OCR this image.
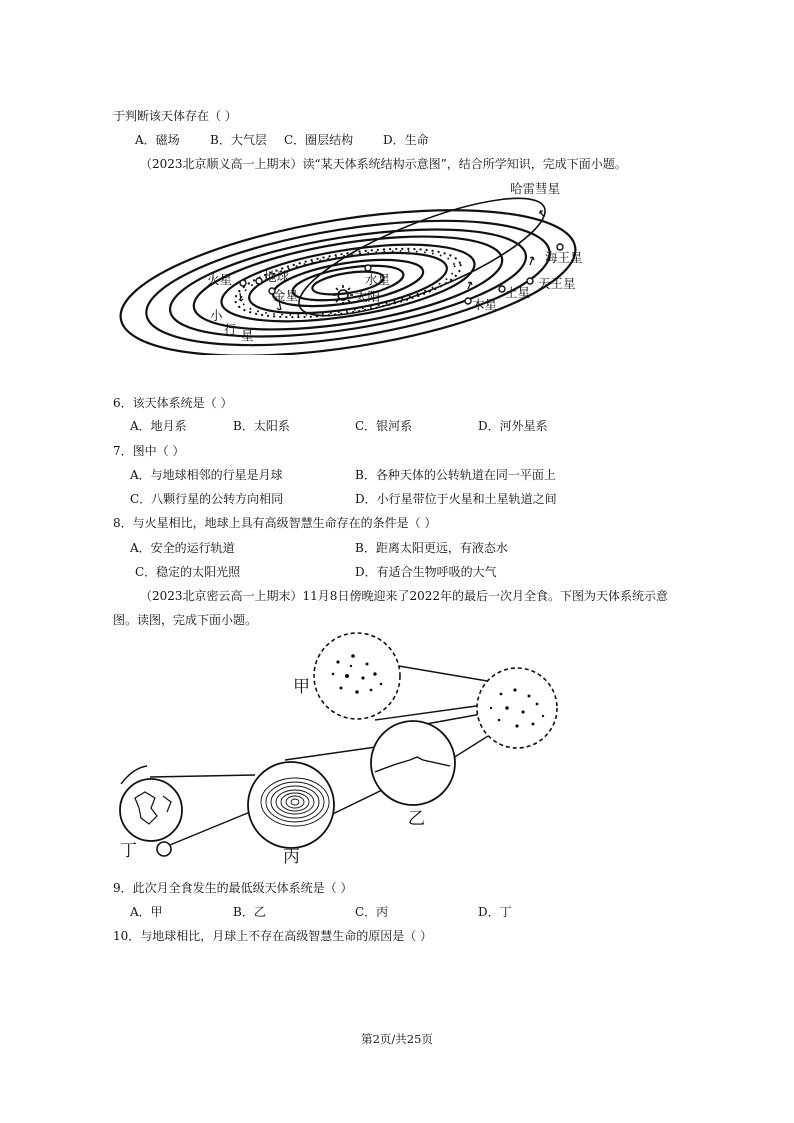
于判断该天体存在（ ）
A．磁场	B．大气层 C．圈层结构 D．生命
（2023北京顺义高一上期末）读“某天体系统结构示意图”，结合所学知识，完成下面小题。
哈雷彗星
海王星
天王星
土星
木星
火星	地球
金星
水星
太阳
小
行 星
6．该天体系统是（ ）
A．地月系	B．太阳系	C．银河系	D．河外星系
7．图中（ ）
A．与地球相邻的行星是月球	B．各种天体的公转轨道在同一平面上
C．八颗行星的公转方向相同	D．小行星带位于火星和土星轨道之间
8．与火星相比，地球上具有高级智慧生命存在的条件是（ ）
A．安全的运行轨道	B．距离太阳更远，有液态水
C．稳定的太阳光照	D．有适合生物呼吸的大气
（2023北京密云高一上期末）11月8日傍晚迎来了2022年的最后一次月全食。下图为天体系统示意
图。读图，完成下面小题。
甲
乙
丙
丁
9．此次月全食发生的最低级天体系统是（ ）
A．甲	B．乙	C．丙	D．丁
10．与地球相比，月球上不存在高级智慧生命的原因是（ ）
第2页/共25页
